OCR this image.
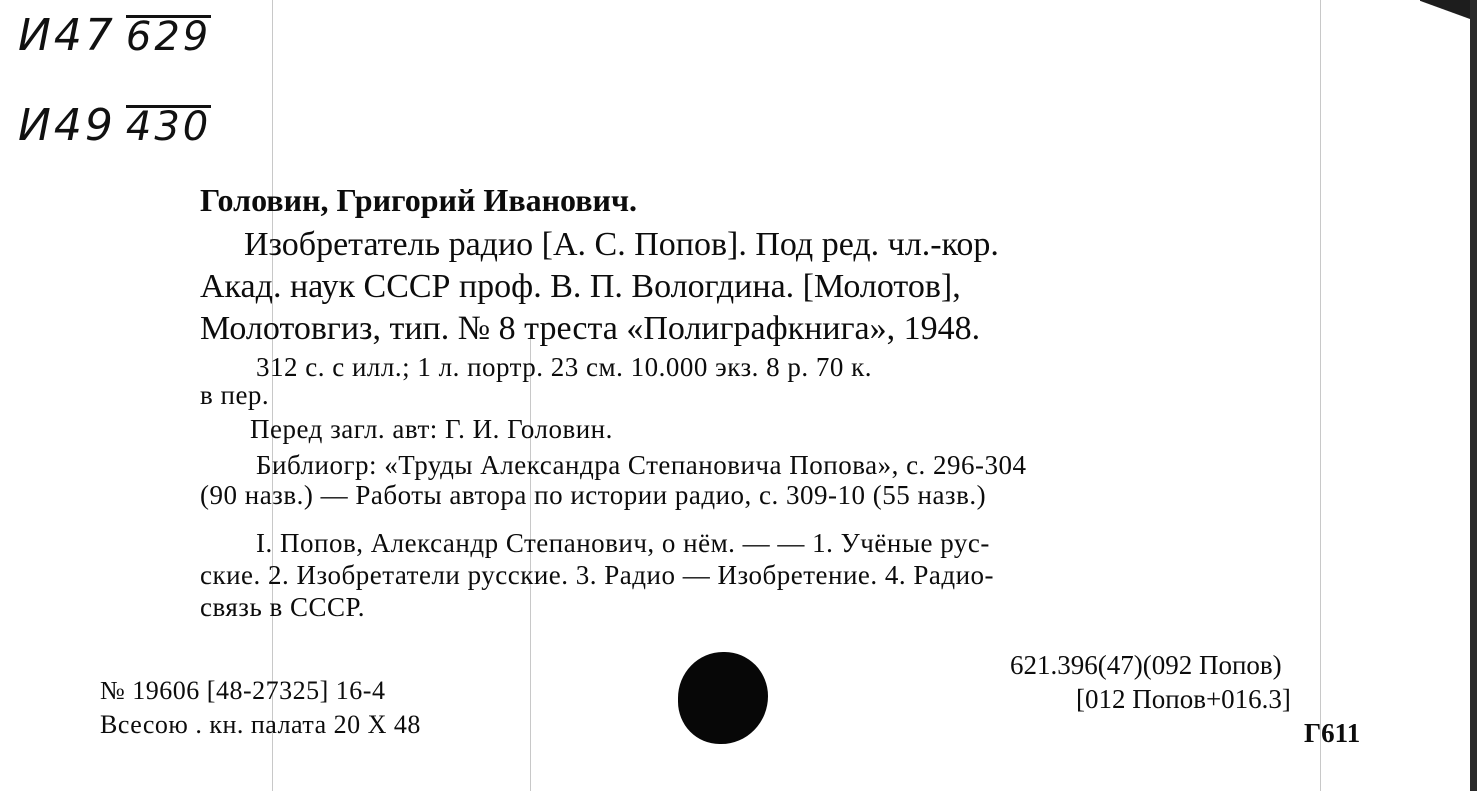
И47 629
И49 430
Головин, Григорий Иванович.
Изобретатель радио [А. С. Попов]. Под ред. чл.-кор.
Акад. наук СССР проф. В. П. Вологдина. [Молотов],
Молотовгиз, тип. № 8 треста «Полиграфкнига», 1948.
312 с. с илл.; 1 л. портр. 23 см. 10.000 экз. 8 р. 70 к.
в пер.
Перед загл. авт: Г. И. Головин.
Библиогр: «Труды Александра Степановича Попова», с. 296-304
(90 назв.) — Работы автора по истории радио, с. 309-10 (55 назв.)
I. Попов, Александр Степанович, о нём. — — 1. Учёные рус-
ские. 2. Изобретатели русские. 3. Радио — Изобретение. 4. Радио-
связь в СССР.
№ 19606 [48-27325] 16-4
Всесою . кн. палата 20 X 48
621.396(47)(092 Попов)
[012 Попов+016.3]
Г611
